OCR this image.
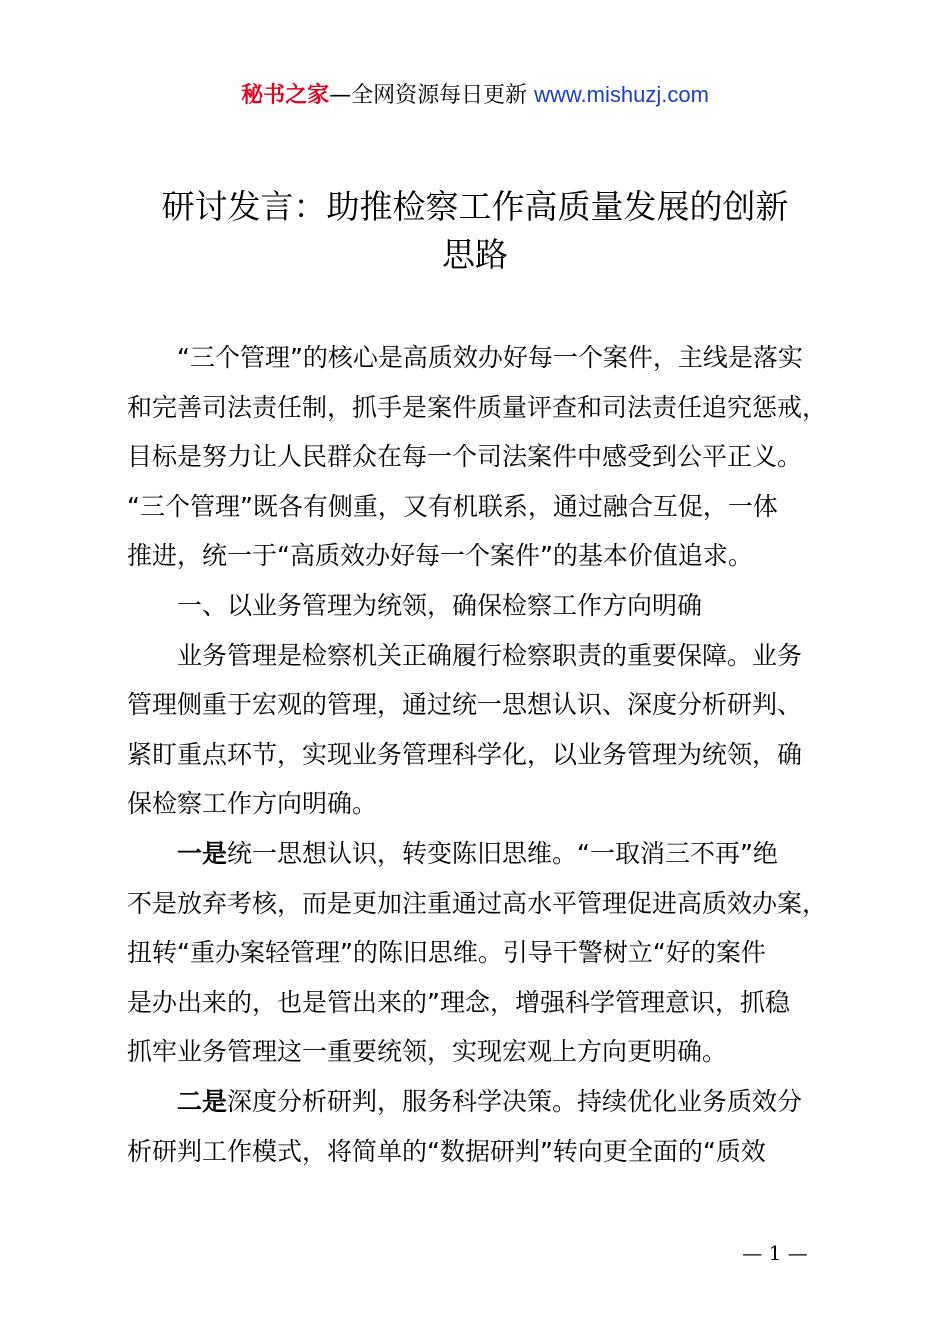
秘书之家—全网资源每日更新 www.mishuzj.com
研讨发言：助推检察工作高质量发展的创新
思路
“三个管理”的核心是高质效办好每一个案件，主线是落实
和完善司法责任制，抓手是案件质量评查和司法责任追究惩戒，
目标是努力让人民群众在每一个司法案件中感受到公平正义。
“三个管理”既各有侧重，又有机联系，通过融合互促，一体
推进，统一于“高质效办好每一个案件”的基本价值追求。
一、以业务管理为统领，确保检察工作方向明确
业务管理是检察机关正确履行检察职责的重要保障。业务
管理侧重于宏观的管理，通过统一思想认识、深度分析研判、
紧盯重点环节，实现业务管理科学化，以业务管理为统领，确
保检察工作方向明确。
一是统一思想认识，转变陈旧思维。“一取消三不再”绝
不是放弃考核，而是更加注重通过高水平管理促进高质效办案，
扭转“重办案轻管理”的陈旧思维。引导干警树立“好的案件
是办出来的，也是管出来的”理念，增强科学管理意识，抓稳
抓牢业务管理这一重要统领，实现宏观上方向更明确。
二是深度分析研判，服务科学决策。持续优化业务质效分
析研判工作模式，将简单的“数据研判”转向更全面的“质效
— 1 —
